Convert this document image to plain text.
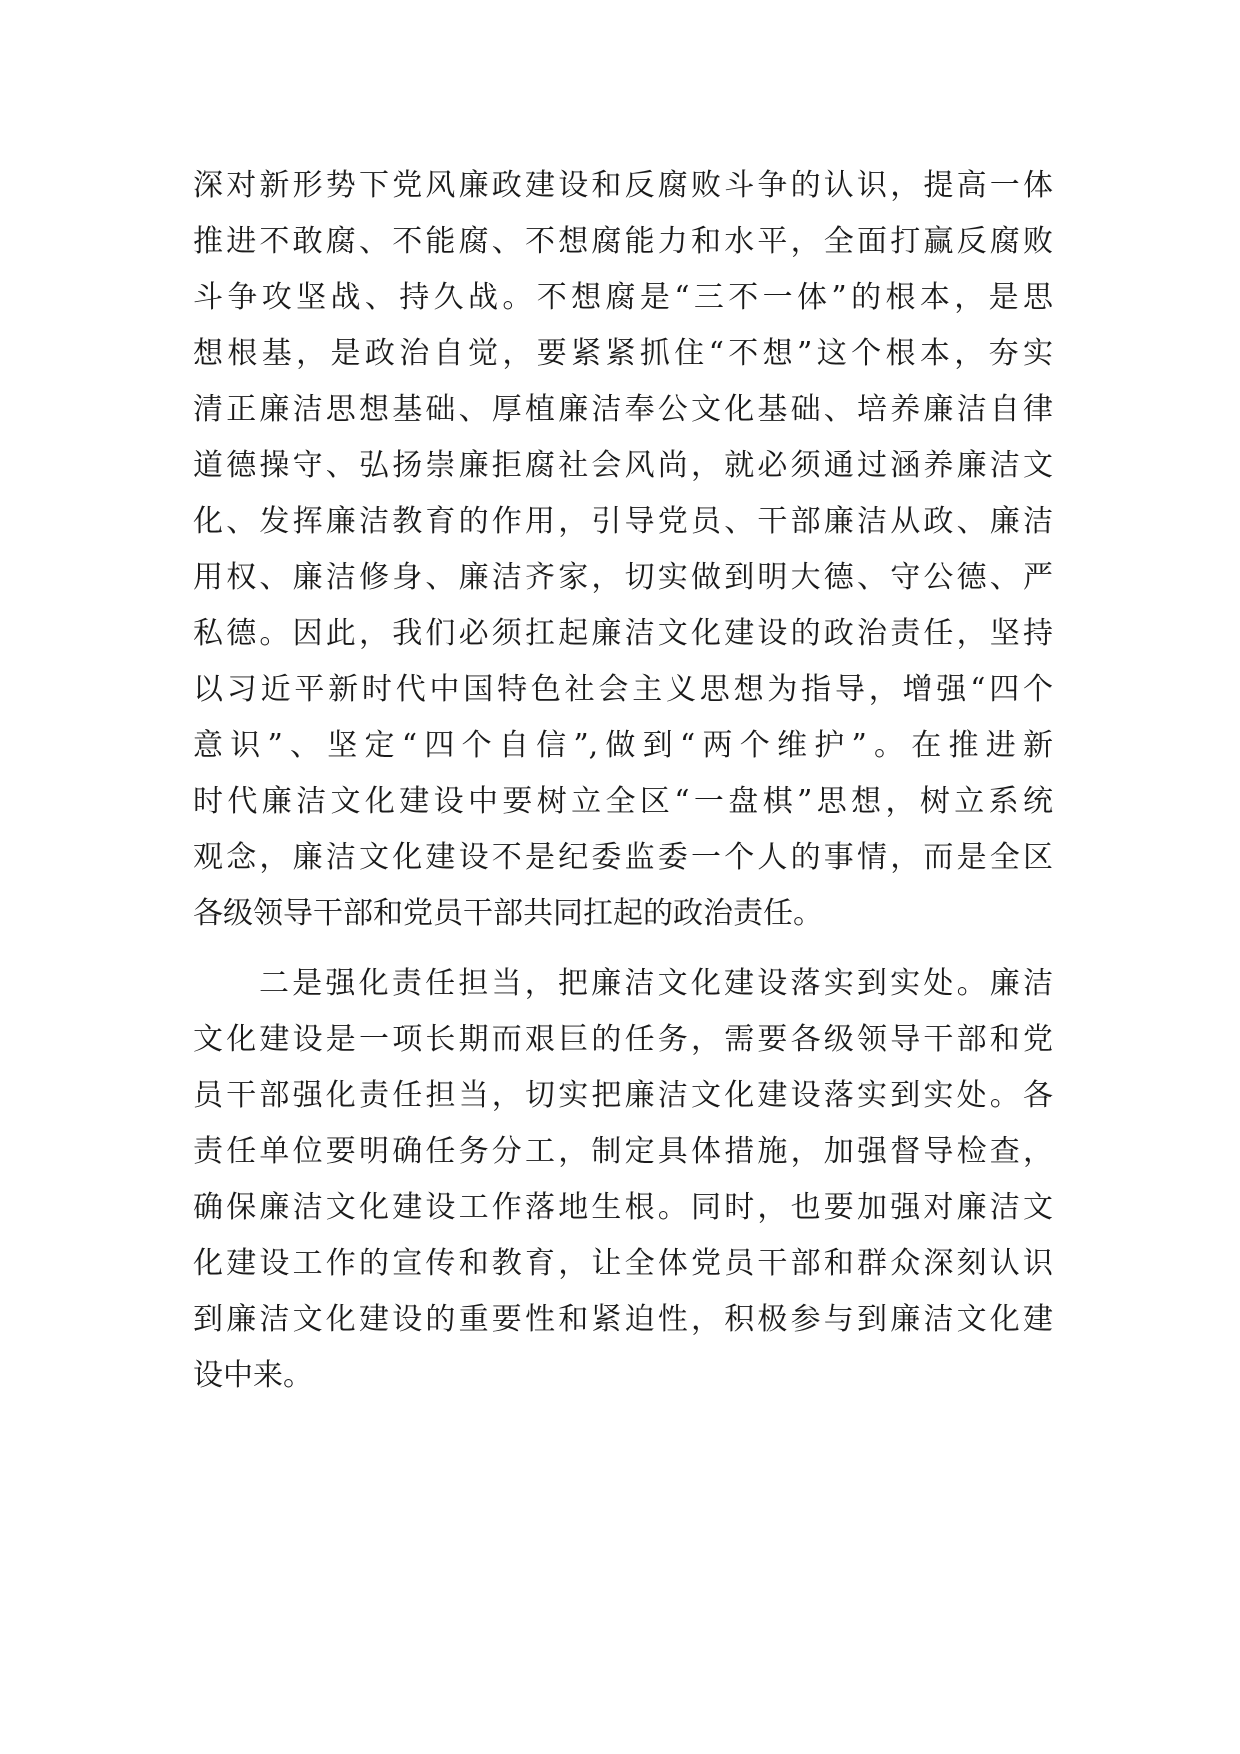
深对新形势下党风廉政建设和反腐败斗争的认识，提高一体
推进不敢腐、不能腐、不想腐能力和水平，全面打赢反腐败
斗争攻坚战、持久战。不想腐是“三不一体”的根本，是思
想根基，是政治自觉，要紧紧抓住“不想”这个根本，夯实
清正廉洁思想基础、厚植廉洁奉公文化基础、培养廉洁自律
道德操守、弘扬崇廉拒腐社会风尚，就必须通过涵养廉洁文
化、发挥廉洁教育的作用，引导党员、干部廉洁从政、廉洁
用权、廉洁修身、廉洁齐家，切实做到明大德、守公德、严
私德。因此，我们必须扛起廉洁文化建设的政治责任，坚持
以习近平新时代中国特色社会主义思想为指导，增强“四个
意识”、坚定“四个自信”,做到“两个维护”。在推进新
时代廉洁文化建设中要树立全区“一盘棋”思想，树立系统
观念，廉洁文化建设不是纪委监委一个人的事情，而是全区
各级领导干部和党员干部共同扛起的政治责任。
二是强化责任担当，把廉洁文化建设落实到实处。廉洁
文化建设是一项长期而艰巨的任务，需要各级领导干部和党
员干部强化责任担当，切实把廉洁文化建设落实到实处。各
责任单位要明确任务分工，制定具体措施，加强督导检查，
确保廉洁文化建设工作落地生根。同时，也要加强对廉洁文
化建设工作的宣传和教育，让全体党员干部和群众深刻认识
到廉洁文化建设的重要性和紧迫性，积极参与到廉洁文化建
设中来。
